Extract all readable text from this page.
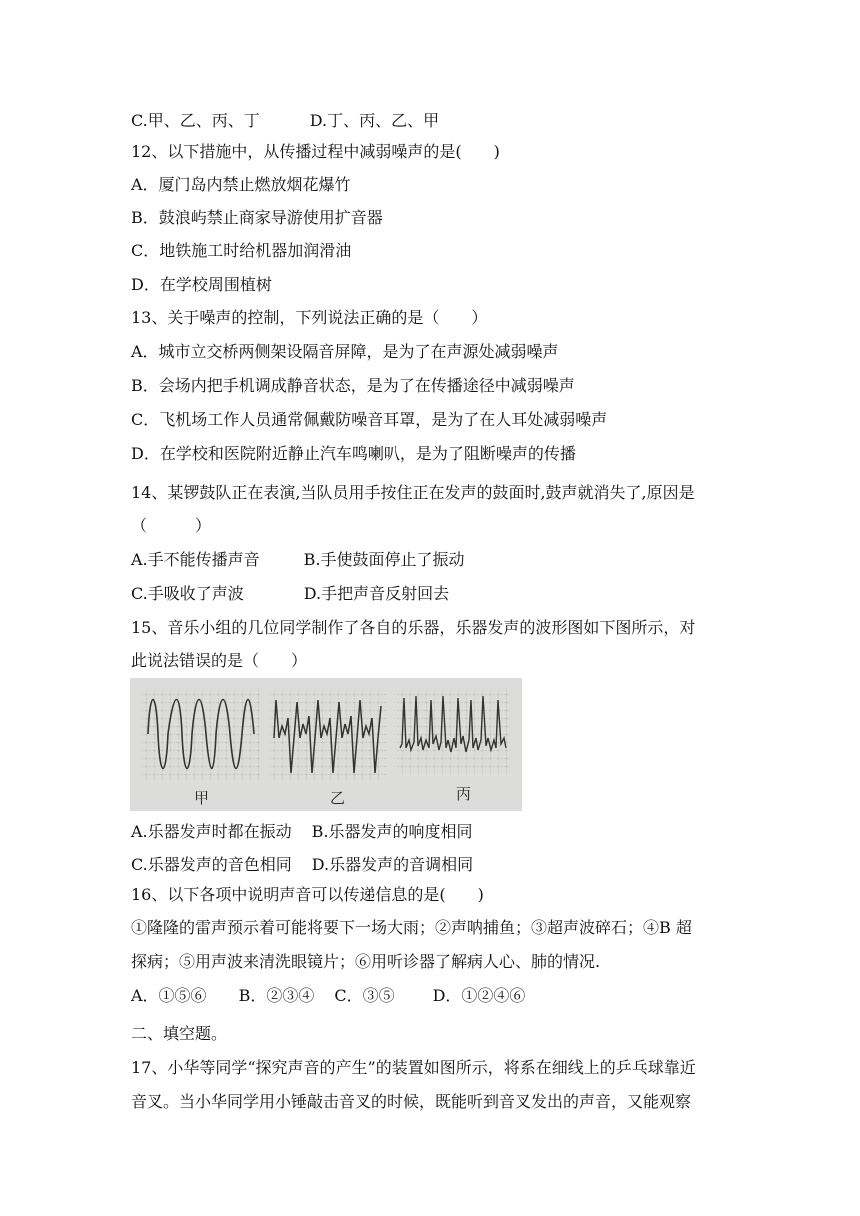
C.甲、乙、丙、丁	D.丁、丙、乙、甲
12、以下措施中，从传播过程中减弱噪声的是(　　)
A．厦门岛内禁止燃放烟花爆竹
B．鼓浪屿禁止商家导游使用扩音器
C．地铁施工时给机器加润滑油
D．在学校周围植树
13、关于噪声的控制，下列说法正确的是（　　）
A．城市立交桥两侧架设隔音屏障，是为了在声源处减弱噪声
B．会场内把手机调成静音状态，是为了在传播途径中减弱噪声
C．飞机场工作人员通常佩戴防噪音耳罩，是为了在人耳处减弱噪声
D．在学校和医院附近静止汽车鸣喇叭，是为了阻断噪声的传播
14、某锣鼓队正在表演,当队员用手按住正在发声的鼓面时,鼓声就消失了,原因是
（　　　）
A.手不能传播声音	B.手使鼓面停止了振动
C.手吸收了声波	D.手把声音反射回去
15、音乐小组的几位同学制作了各自的乐器，乐器发声的波形图如下图所示，对
此说法错误的是（　　）
甲	乙	丙
A.乐器发声时都在振动 B.乐器发声的响度相同
C.乐器发声的音色相同 D.乐器发声的音调相同
16、以下各项中说明声音可以传递信息的是(　　)
①隆隆的雷声预示着可能将要下一场大雨；②声呐捕鱼；③超声波碎石；④B 超
探病；⑤用声波来清洗眼镜片；⑥用听诊器了解病人心、肺的情况.
A．①⑤⑥ B．②③④ C．③⑤ D．①②④⑥
二、填空题。
17、小华等同学“探究声音的产生”的装置如图所示，将系在细线上的乒乓球靠近
音叉。当小华同学用小锤敲击音叉的时候，既能听到音叉发出的声音，又能观察
